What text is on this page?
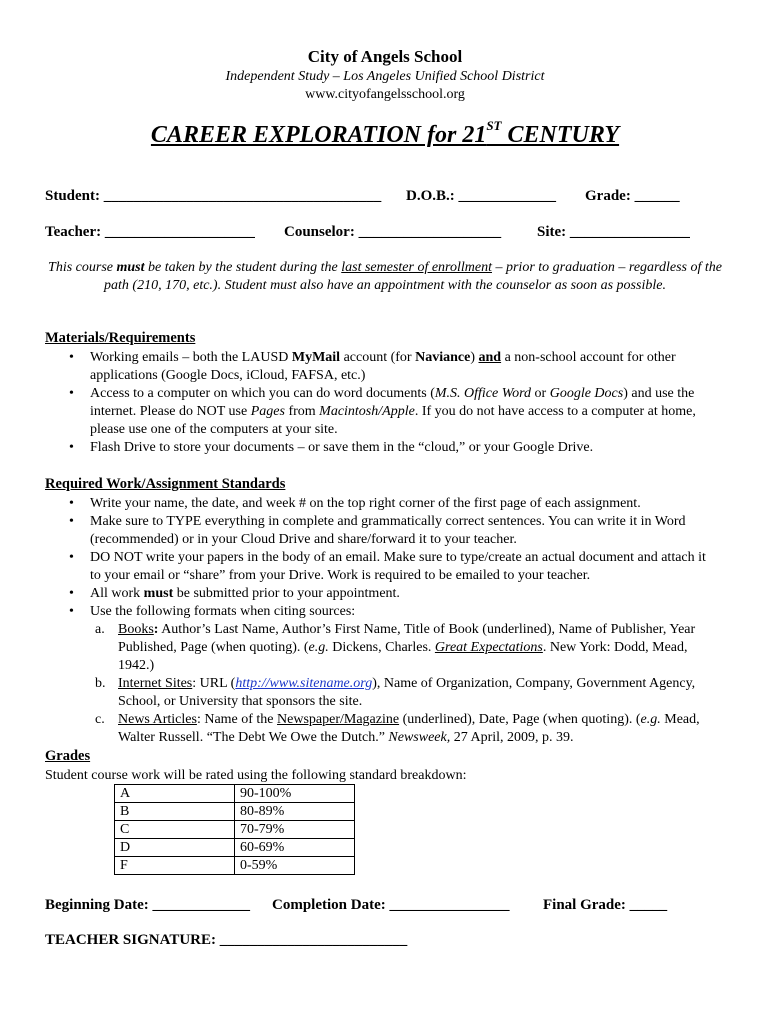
City of Angels School
Independent Study – Los Angeles Unified School District
www.cityofangelsschool.org
CAREER EXPLORATION for 21ST CENTURY
Student: _____________________________________ D.O.B.: _____________ Grade: ______
Teacher: ____________________ Counselor: ___________________ Site: ________________
This course must be taken by the student during the last semester of enrollment – prior to graduation – regardless of the path (210, 170, etc.). Student must also have an appointment with the counselor as soon as possible.
Materials/Requirements
• Working emails – both the LAUSD MyMail account (for Naviance) and a non-school account for other applications (Google Docs, iCloud, FAFSA, etc.)
• Access to a computer on which you can do word documents (M.S. Office Word or Google Docs) and use the internet. Please do NOT use Pages from Macintosh/Apple. If you do not have access to a computer at home, please use one of the computers at your site.
• Flash Drive to store your documents – or save them in the “cloud,” or your Google Drive.
Required Work/Assignment Standards
• Write your name, the date, and week # on the top right corner of the first page of each assignment.
• Make sure to TYPE everything in complete and grammatically correct sentences. You can write it in Word (recommended) or in your Cloud Drive and share/forward it to your teacher.
• DO NOT write your papers in the body of an email. Make sure to type/create an actual document and attach it to your email or “share” from your Drive. Work is required to be emailed to your teacher.
• All work must be submitted prior to your appointment.
• Use the following formats when citing sources:
a. Books: Author’s Last Name, Author’s First Name, Title of Book (underlined), Name of Publisher, Year Published, Page (when quoting). (e.g. Dickens, Charles. Great Expectations. New York: Dodd, Mead, 1942.)
b. Internet Sites: URL (http://www.sitename.org), Name of Organization, Company, Government Agency, School, or University that sponsors the site.
c. News Articles: Name of the Newspaper/Magazine (underlined), Date, Page (when quoting). (e.g. Mead, Walter Russell. “The Debt We Owe the Dutch.” Newsweek, 27 April, 2009, p. 39.
Grades
Student course work will be rated using the following standard breakdown:
A	90-100%
B	80-89%
C	70-79%
D	60-69%
F	0-59%
Beginning Date: _____________ Completion Date: ________________ Final Grade: _____
TEACHER SIGNATURE: _________________________
